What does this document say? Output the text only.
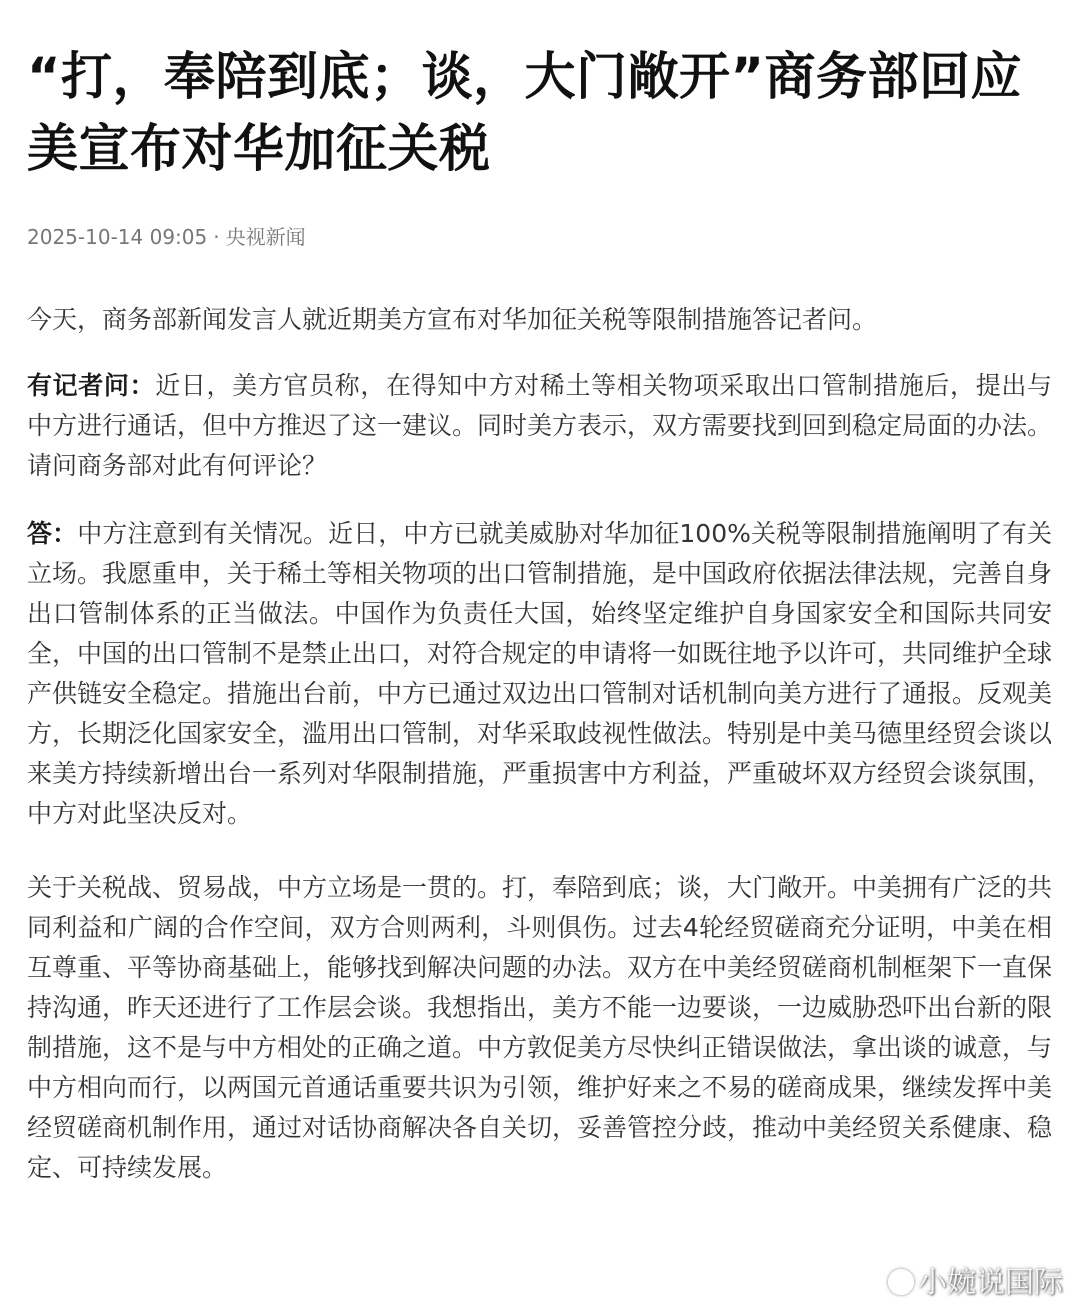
“打，奉陪到底；谈，大门敞开”商务部回应美宣布对华加征关税
2025-10-14 09:05 · 央视新闻

今天，商务部新闻发言人就近期美方宣布对华加征关税等限制措施答记者问。

有记者问：近日，美方官员称，在得知中方对稀土等相关物项采取出口管制措施后，提出与中方进行通话，但中方推迟了这一建议。同时美方表示，双方需要找到回到稳定局面的办法。请问商务部对此有何评论？

答：中方注意到有关情况。近日，中方已就美威胁对华加征100%关税等限制措施阐明了有关立场。我愿重申，关于稀土等相关物项的出口管制措施，是中国政府依据法律法规，完善自身出口管制体系的正当做法。中国作为负责任大国，始终坚定维护自身国家安全和国际共同安全，中国的出口管制不是禁止出口，对符合规定的申请将一如既往地予以许可，共同维护全球产供链安全稳定。措施出台前，中方已通过双边出口管制对话机制向美方进行了通报。反观美方，长期泛化国家安全，滥用出口管制，对华采取歧视性做法。特别是中美马德里经贸会谈以来美方持续新增出台一系列对华限制措施，严重损害中方利益，严重破坏双方经贸会谈氛围，中方对此坚决反对。

关于关税战、贸易战，中方立场是一贯的。打，奉陪到底；谈，大门敞开。中美拥有广泛的共同利益和广阔的合作空间，双方合则两利，斗则俱伤。过去4轮经贸磋商充分证明，中美在相互尊重、平等协商基础上，能够找到解决问题的办法。双方在中美经贸磋商机制框架下一直保持沟通，昨天还进行了工作层会谈。我想指出，美方不能一边要谈，一边威胁恐吓出台新的限制措施，这不是与中方相处的正确之道。中方敦促美方尽快纠正错误做法，拿出谈的诚意，与中方相向而行，以两国元首通话重要共识为引领，维护好来之不易的磋商成果，继续发挥中美经贸磋商机制作用，通过对话协商解决各自关切，妥善管控分歧，推动中美经贸关系健康、稳定、可持续发展。

小婉说国际
